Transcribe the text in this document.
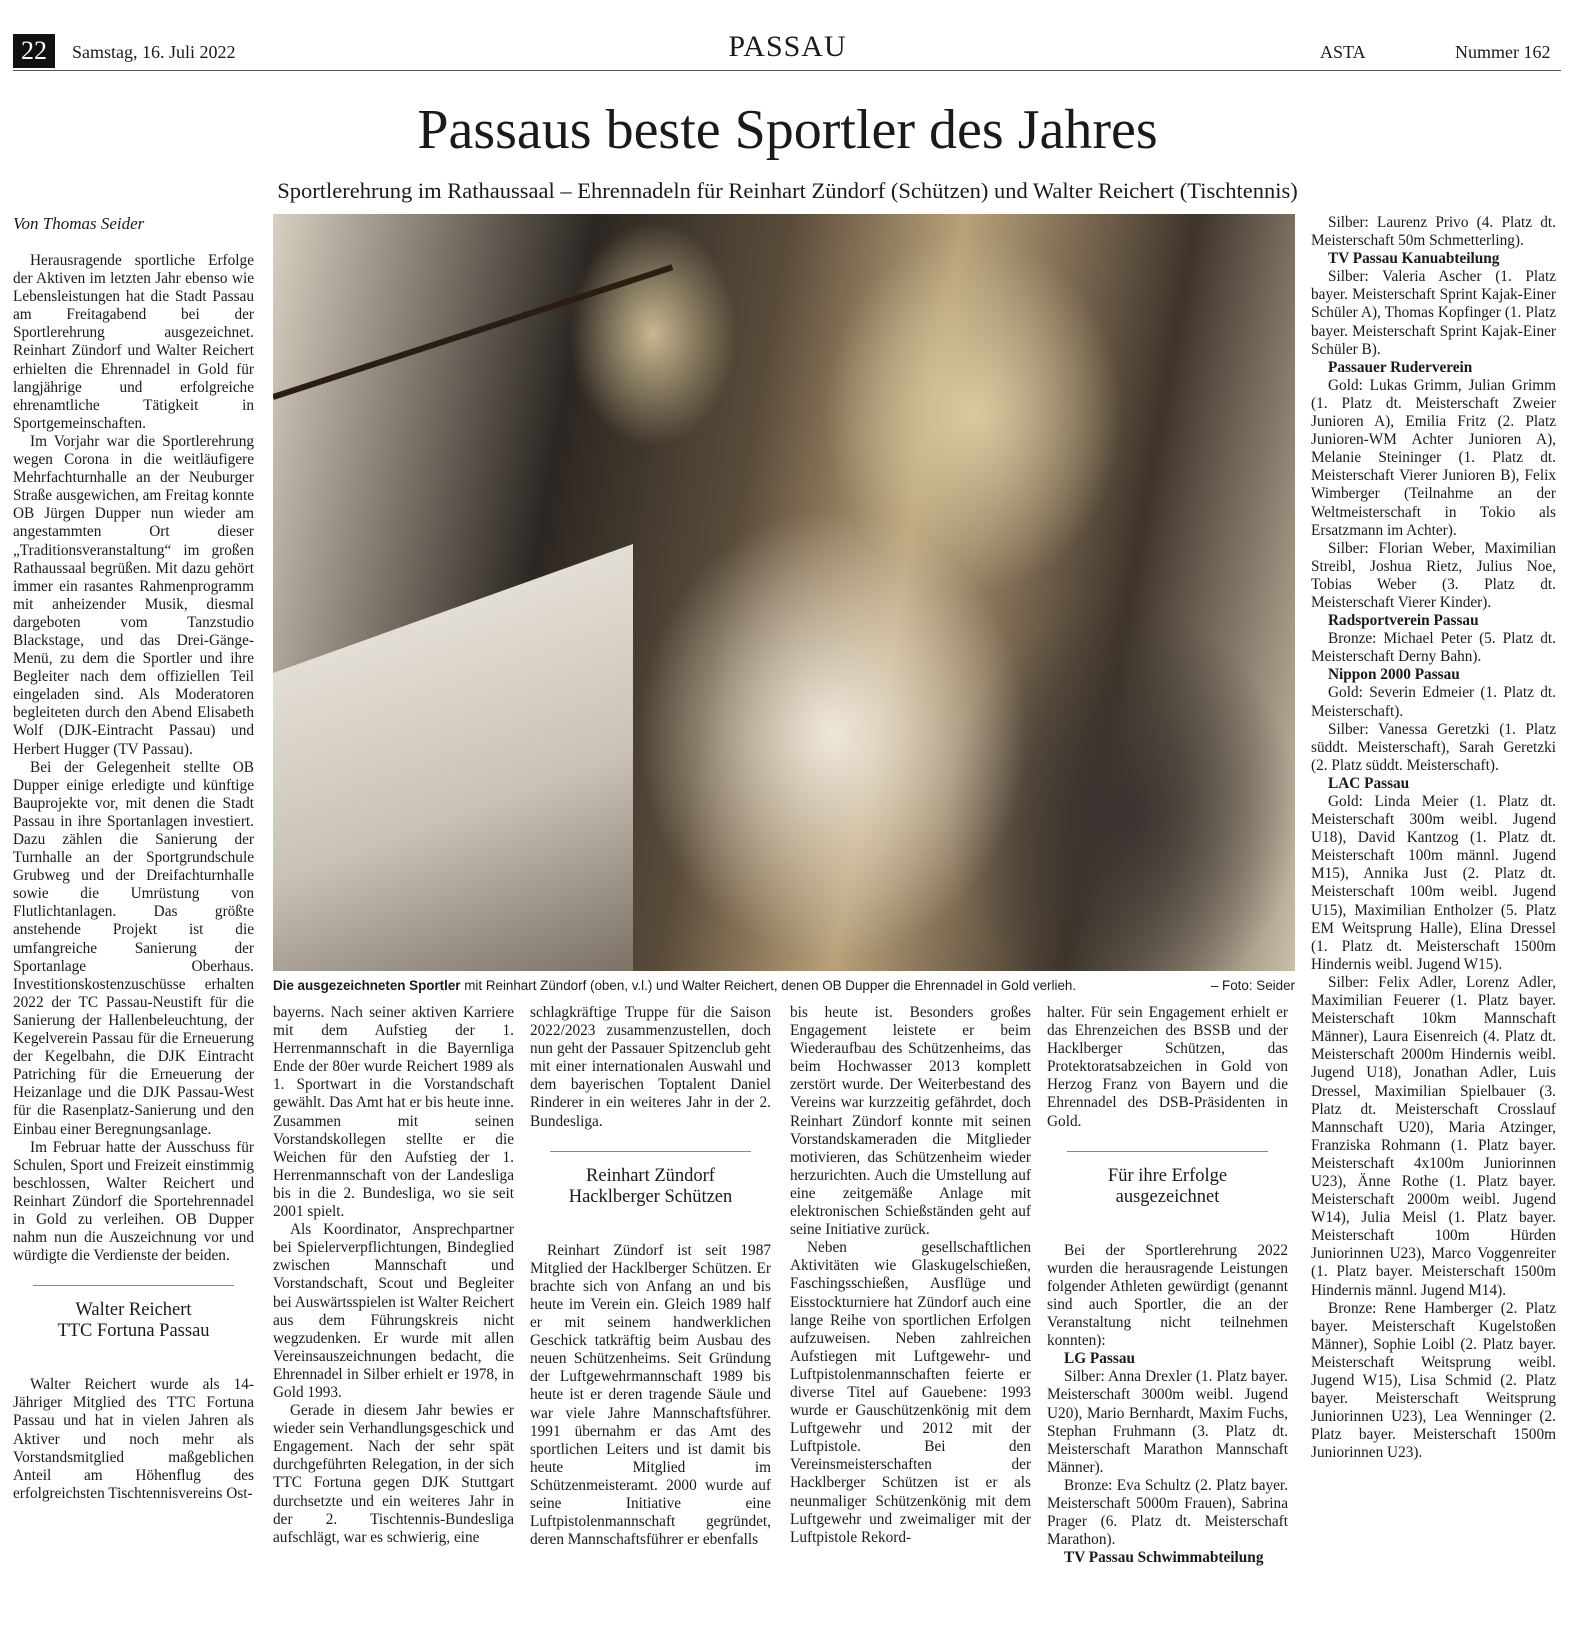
22	Samstag, 16. Juli 2022	PASSAU	ASTA	Nummer 162
Passaus beste Sportler des Jahres
Sportlerehrung im Rathaussaal – Ehrennadeln für Reinhart Zündorf (Schützen) und Walter Reichert (Tischtennis)
Von Thomas Seider
Die ausgezeichneten Sportler mit Reinhart Zündorf (oben, v.l.) und Walter Reichert, denen OB Dupper die Ehrennadel in Gold verlieh.	– Foto: Seider

Herausragende sportliche Erfolge der Aktiven im letzten Jahr ebenso wie Lebensleistungen hat die Stadt Passau am Freitagabend bei der Sportlerehrung ausgezeichnet. Reinhart Zündorf und Walter Reichert erhielten die Ehrennadel in Gold für langjährige und erfolgreiche ehrenamtliche Tätigkeit in Sportgemeinschaften.

Im Vorjahr war die Sportlerehrung wegen Corona in die weitläufigere Mehrfachturnhalle an der Neuburger Straße ausgewichen, am Freitag konnte OB Jürgen Dupper nun wieder am angestammten Ort dieser „Traditionsveranstaltung“ im großen Rathaussaal begrüßen. Mit dazu gehört immer ein rasantes Rahmenprogramm mit anheizender Musik, diesmal dargeboten vom Tanzstudio Blackstage, und das Drei-Gänge-Menü, zu dem die Sportler und ihre Begleiter nach dem offiziellen Teil eingeladen sind. Als Moderatoren begleiteten durch den Abend Elisabeth Wolf (DJK-Eintracht Passau) und Herbert Hugger (TV Passau).

Bei der Gelegenheit stellte OB Dupper einige erledigte und künftige Bauprojekte vor, mit denen die Stadt Passau in ihre Sportanlagen investiert. Dazu zählen die Sanierung der Turnhalle an der Sportgrundschule Grubweg und der Dreifachturnhalle sowie die Umrüstung von Flutlichtanlagen. Das größte anstehende Projekt ist die umfangreiche Sanierung der Sportanlage Oberhaus. Investitionskostenzuschüsse erhalten 2022 der TC Passau-Neustift für die Sanierung der Hallenbeleuchtung, der Kegelverein Passau für die Erneuerung der Kegelbahn, die DJK Eintracht Patriching für die Erneuerung der Heizanlage und die DJK Passau-West für die Rasenplatz-Sanierung und den Einbau einer Beregnungsanlage.

Im Februar hatte der Ausschuss für Schulen, Sport und Freizeit einstimmig beschlossen, Walter Reichert und Reinhart Zündorf die Sportehrennadel in Gold zu verleihen. OB Dupper nahm nun die Auszeichnung vor und würdigte die Verdienste der beiden.

Walter Reichert
TTC Fortuna Passau

Walter Reichert wurde als 14-Jähriger Mitglied des TTC Fortuna Passau und hat in vielen Jahren als Aktiver und noch mehr als Vorstandsmitglied maßgeblichen Anteil am Höhenflug des erfolgreichsten Tischtennisvereins Ost-

bayerns. Nach seiner aktiven Karriere mit dem Aufstieg der 1. Herrenmannschaft in die Bayernliga Ende der 80er wurde Reichert 1989 als 1. Sportwart in die Vorstandschaft gewählt. Das Amt hat er bis heute inne. Zusammen mit seinen Vorstandskollegen stellte er die Weichen für den Aufstieg der 1. Herrenmannschaft von der Landesliga bis in die 2. Bundesliga, wo sie seit 2001 spielt.

Als Koordinator, Ansprechpartner bei Spielerverpflichtungen, Bindeglied zwischen Mannschaft und Vorstandschaft, Scout und Begleiter bei Auswärtsspielen ist Walter Reichert aus dem Führungskreis nicht wegzudenken. Er wurde mit allen Vereinsauszeichnungen bedacht, die Ehrennadel in Silber erhielt er 1978, in Gold 1993.

Gerade in diesem Jahr bewies er wieder sein Verhandlungsgeschick und Engagement. Nach der sehr spät durchgeführten Relegation, in der sich TTC Fortuna gegen DJK Stuttgart durchsetzte und ein weiteres Jahr in der 2. Tischtennis-Bundesliga aufschlägt, war es schwierig, eine

schlagkräftige Truppe für die Saison 2022/2023 zusammenzustellen, doch nun geht der Passauer Spitzenclub geht mit einer internationalen Auswahl und dem bayerischen Toptalent Daniel Rinderer in ein weiteres Jahr in der 2. Bundesliga.

Reinhart Zündorf
Hacklberger Schützen

Reinhart Zündorf ist seit 1987 Mitglied der Hacklberger Schützen. Er brachte sich von Anfang an und bis heute im Verein ein. Gleich 1989 half er mit seinem handwerklichen Geschick tatkräftig beim Ausbau des neuen Schützenheims. Seit Gründung der Luftgewehrmannschaft 1989 bis heute ist er deren tragende Säule und war viele Jahre Mannschaftsführer. 1991 übernahm er das Amt des sportlichen Leiters und ist damit bis heute Mitglied im Schützenmeisteramt. 2000 wurde auf seine Initiative eine Luftpistolenmannschaft gegründet, deren Mannschaftsführer er ebenfalls

bis heute ist. Besonders großes Engagement leistete er beim Wiederaufbau des Schützenheims, das beim Hochwasser 2013 komplett zerstört wurde. Der Weiterbestand des Vereins war kurzzeitig gefährdet, doch Reinhart Zündorf konnte mit seinen Vorstandskameraden die Mitglieder motivieren, das Schützenheim wieder herzurichten. Auch die Umstellung auf eine zeitgemäße Anlage mit elektronischen Schießständen geht auf seine Initiative zurück.

Neben gesellschaftlichen Aktivitäten wie Glaskugelschießen, Faschingsschießen, Ausflüge und Eisstockturniere hat Zündorf auch eine lange Reihe von sportlichen Erfolgen aufzuweisen. Neben zahlreichen Aufstiegen mit Luftgewehr- und Luftpistolenmannschaften feierte er diverse Titel auf Gauebene: 1993 wurde er Gauschützenkönig mit dem Luftgewehr und 2012 mit der Luftpistole. Bei den Vereinsmeisterschaften der Hacklberger Schützen ist er als neunmaliger Schützenkönig mit dem Luftgewehr und zweimaliger mit der Luftpistole Rekord-

halter. Für sein Engagement erhielt er das Ehrenzeichen des BSSB und der Hacklberger Schützen, das Protektoratsabzeichen in Gold von Herzog Franz von Bayern und die Ehrennadel des DSB-Präsidenten in Gold.

Für ihre Erfolge
ausgezeichnet

Bei der Sportlerehrung 2022 wurden die herausragende Leistungen folgender Athleten gewürdigt (genannt sind auch Sportler, die an der Veranstaltung nicht teilnehmen konnten):

LG Passau

Silber: Anna Drexler (1. Platz bayer. Meisterschaft 3000m weibl. Jugend U20), Mario Bernhardt, Maxim Fuchs, Stephan Fruhmann (3. Platz dt. Meisterschaft Marathon Mannschaft Männer).

Bronze: Eva Schultz (2. Platz bayer. Meisterschaft 5000m Frauen), Sabrina Prager (6. Platz dt. Meisterschaft Marathon).

TV Passau Schwimmabteilung

Silber: Laurenz Privo (4. Platz dt. Meisterschaft 50m Schmetterling).

TV Passau Kanuabteilung

Silber: Valeria Ascher (1. Platz bayer. Meisterschaft Sprint Kajak-Einer Schüler A), Thomas Kopfinger (1. Platz bayer. Meisterschaft Sprint Kajak-Einer Schüler B).

Passauer Ruderverein

Gold: Lukas Grimm, Julian Grimm (1. Platz dt. Meisterschaft Zweier Junioren A), Emilia Fritz (2. Platz Junioren-WM Achter Junioren A), Melanie Steininger (1. Platz dt. Meisterschaft Vierer Junioren B), Felix Wimberger (Teilnahme an der Weltmeisterschaft in Tokio als Ersatzmann im Achter).

Silber: Florian Weber, Maximilian Streibl, Joshua Rietz, Julius Noe, Tobias Weber (3. Platz dt. Meisterschaft Vierer Kinder).

Radsportverein Passau

Bronze: Michael Peter (5. Platz dt. Meisterschaft Derny Bahn).

Nippon 2000 Passau

Gold: Severin Edmeier (1. Platz dt. Meisterschaft).

Silber: Vanessa Geretzki (1. Platz süddt. Meisterschaft), Sarah Geretzki (2. Platz süddt. Meisterschaft).

LAC Passau

Gold: Linda Meier (1. Platz dt. Meisterschaft 300m weibl. Jugend U18), David Kantzog (1. Platz dt. Meisterschaft 100m männl. Jugend M15), Annika Just (2. Platz dt. Meisterschaft 100m weibl. Jugend U15), Maximilian Entholzer (5. Platz EM Weitsprung Halle), Elina Dressel (1. Platz dt. Meisterschaft 1500m Hindernis weibl. Jugend W15).

Silber: Felix Adler, Lorenz Adler, Maximilian Feuerer (1. Platz bayer. Meisterschaft 10km Mannschaft Männer), Laura Eisenreich (4. Platz dt. Meisterschaft 2000m Hindernis weibl. Jugend U18), Jonathan Adler, Luis Dressel, Maximilian Spielbauer (3. Platz dt. Meisterschaft Crosslauf Mannschaft U20), Maria Atzinger, Franziska Rohmann (1. Platz bayer. Meisterschaft 4x100m Juniorinnen U23), Änne Rothe (1. Platz bayer. Meisterschaft 2000m weibl. Jugend W14), Julia Meisl (1. Platz bayer. Meisterschaft 100m Hürden Juniorinnen U23), Marco Voggenreiter (1. Platz bayer. Meisterschaft 1500m Hindernis männl. Jugend M14).

Bronze: Rene Hamberger (2. Platz bayer. Meisterschaft Kugelstoßen Männer), Sophie Loibl (2. Platz bayer. Meisterschaft Weitsprung weibl. Jugend W15), Lisa Schmid (2. Platz bayer. Meisterschaft Weitsprung Juniorinnen U23), Lea Wenninger (2. Platz bayer. Meisterschaft 1500m Juniorinnen U23).
